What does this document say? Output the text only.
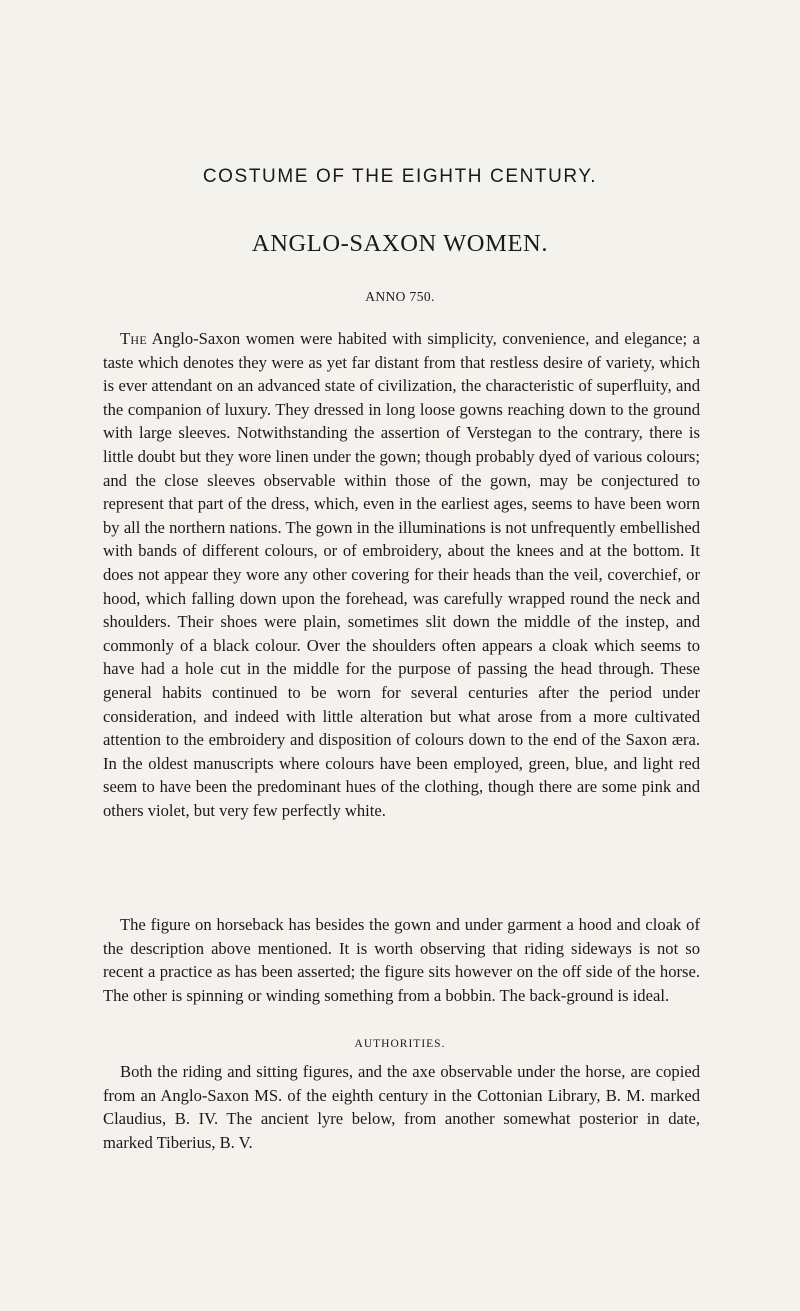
COSTUME OF THE EIGHTH CENTURY.
ANGLO-SAXON WOMEN.
ANNO 750.

The Anglo-Saxon women were habited with simplicity, convenience, and elegance; a taste which denotes they were as yet far distant from that restless desire of variety, which is ever attendant on an advanced state of civilization, the characteristic of superfluity, and the companion of luxury. They dressed in long loose gowns reaching down to the ground with large sleeves. Notwithstanding the assertion of Verstegan to the contrary, there is little doubt but they wore linen under the gown; though probably dyed of various colours; and the close sleeves observable within those of the gown, may be conjectured to represent that part of the dress, which, even in the earliest ages, seems to have been worn by all the northern nations. The gown in the illuminations is not unfrequently embellished with bands of different colours, or of embroidery, about the knees and at the bottom. It does not appear they wore any other covering for their heads than the veil, coverchief, or hood, which falling down upon the forehead, was carefully wrapped round the neck and shoulders. Their shoes were plain, sometimes slit down the middle of the instep, and commonly of a black colour. Over the shoulders often appears a cloak which seems to have had a hole cut in the middle for the purpose of passing the head through. These general habits continued to be worn for several centuries after the period under consideration, and indeed with little alteration but what arose from a more cultivated attention to the embroidery and disposition of colours down to the end of the Saxon æra. In the oldest manuscripts where colours have been employed, green, blue, and light red seem to have been the predominant hues of the clothing, though there are some pink and others violet, but very few perfectly white.

The figure on horseback has besides the gown and under garment a hood and cloak of the description above mentioned. It is worth observing that riding sideways is not so recent a practice as has been asserted; the figure sits however on the off side of the horse. The other is spinning or winding something from a bobbin. The back-ground is ideal.

AUTHORITIES.

Both the riding and sitting figures, and the axe observable under the horse, are copied from an Anglo-Saxon MS. of the eighth century in the Cottonian Library, B. M. marked Claudius, B. IV. The ancient lyre below, from another somewhat posterior in date, marked Tiberius, B. V.
